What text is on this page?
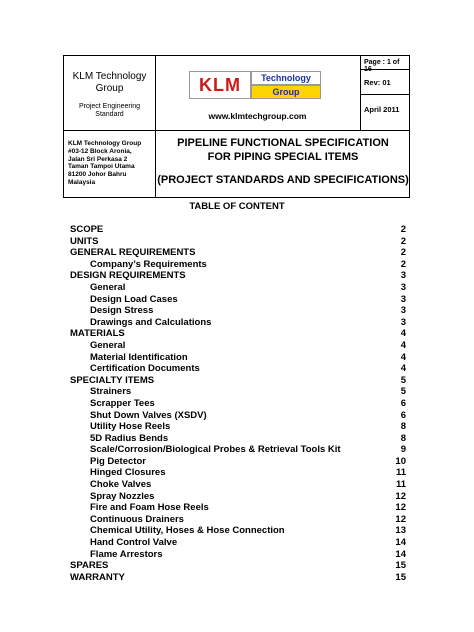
KLM Technology
Group
Project Engineering
Standard
KLM	Technology
Group
www.klmtechgroup.com
Page : 1 of 16
Rev: 01
April 2011
KLM Technology Group
#03-12 Block Aronia,
Jalan Sri Perkasa 2
Taman Tampoi Utama
81200 Johor Bahru
Malaysia
PIPELINE FUNCTIONAL SPECIFICATION
FOR PIPING SPECIAL ITEMS
(PROJECT STANDARDS AND SPECIFICATIONS)
TABLE OF CONTENT
SCOPE	2
UNITS	2
GENERAL REQUIREMENTS	2
Company’s Requirements	2
DESIGN REQUIREMENTS	3
General	3
Design Load Cases	3
Design Stress	3
Drawings and Calculations	3
MATERIALS	4
General	4
Material Identification	4
Certification Documents	4
SPECIALTY ITEMS	5
Strainers	5
Scrapper Tees	6
Shut Down Valves (XSDV)	6
Utility Hose Reels	8
5D Radius Bends	8
Scale/Corrosion/Biological Probes & Retrieval Tools Kit	9
Pig Detector	10
Hinged Closures	11
Choke Valves	11
Spray Nozzles	12
Fire and Foam Hose Reels	12
Continuous Drainers	12
Chemical Utility, Hoses & Hose Connection	13
Hand Control Valve	14
Flame Arrestors	14
SPARES	15
WARRANTY	15
